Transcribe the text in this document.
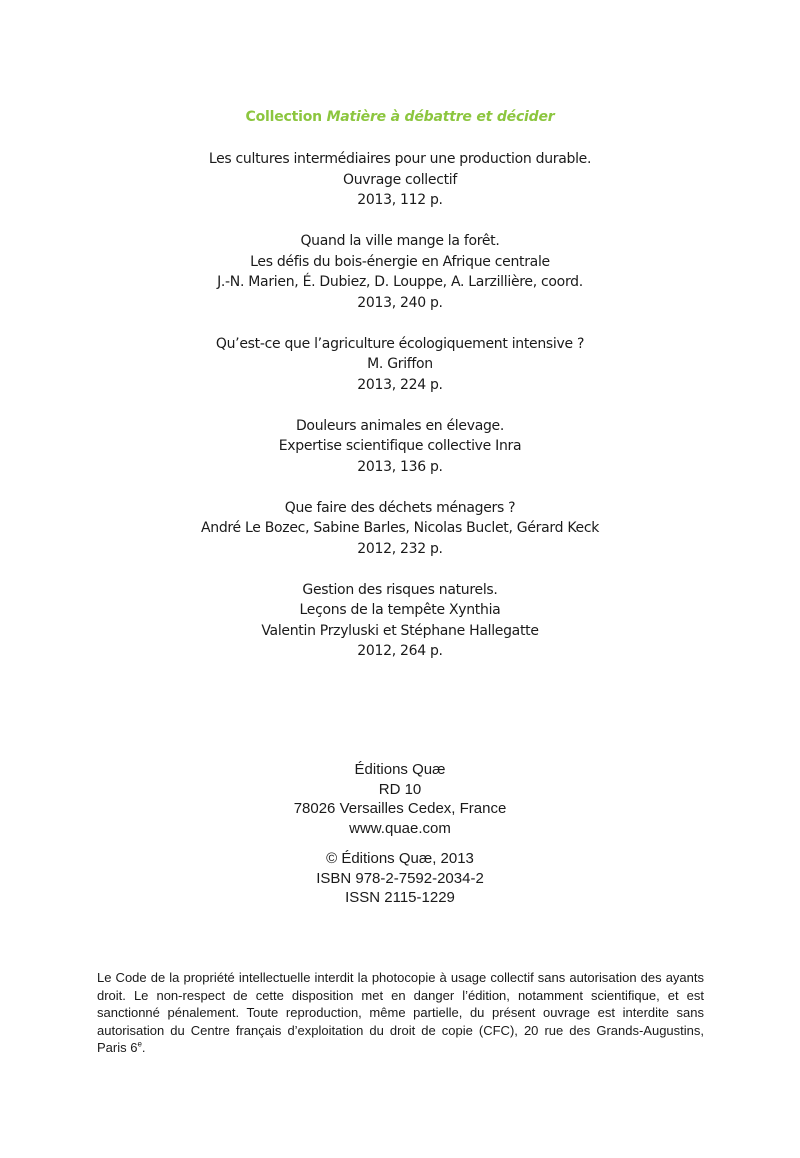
Collection Matière à débattre et décider
Les cultures intermédiaires pour une production durable.
Ouvrage collectif
2013, 112 p.
Quand la ville mange la forêt.
Les défis du bois-énergie en Afrique centrale
J.-N. Marien, É. Dubiez, D. Louppe, A. Larzillière, coord.
2013, 240 p.
Qu’est-ce que l’agriculture écologiquement intensive ?
M. Griffon
2013, 224 p.
Douleurs animales en élevage.
Expertise scientifique collective Inra
2013, 136 p.
Que faire des déchets ménagers ?
André Le Bozec, Sabine Barles, Nicolas Buclet, Gérard Keck
2012, 232 p.
Gestion des risques naturels.
Leçons de la tempête Xynthia
Valentin Przyluski et Stéphane Hallegatte
2012, 264 p.
Éditions Quæ
RD 10
78026 Versailles Cedex, France
www.quae.com
© Éditions Quæ, 2013
ISBN 978-2-7592-2034-2
ISSN 2115-1229
Le Code de la propriété intellectuelle interdit la photocopie à usage collectif sans autorisation des ayants droit. Le non-respect de cette disposition met en danger l’édition, notamment scientifique, et est sanctionné pénalement. Toute reproduction, même partielle, du présent ouvrage est interdite sans autorisation du Centre français d’exploitation du droit de copie (CFC), 20 rue des Grands-Augustins, Paris 6e.
